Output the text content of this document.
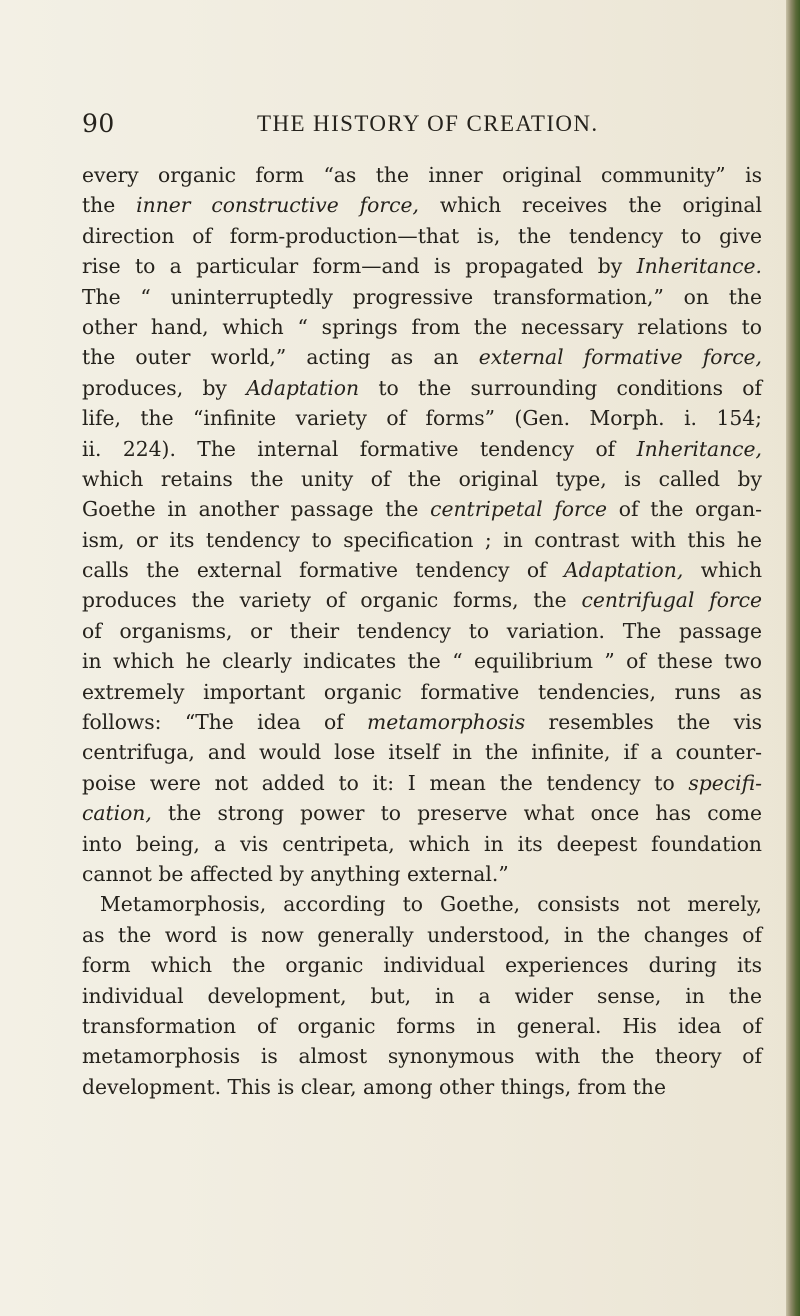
90	THE HISTORY OF CREATION.
every organic form “as the inner original community” is
the inner constructive force, which receives the original
direction of form-production—that is, the tendency to give
rise to a particular form—and is propagated by Inheritance.
The “ uninterruptedly progressive transformation,” on the
other hand, which “ springs from the necessary relations to
the outer world,” acting as an external formative force,
produces, by Adaptation to the surrounding conditions of
life, the “infinite variety of forms” (Gen. Morph. i. 154;
ii. 224). The internal formative tendency of Inheritance,
which retains the unity of the original type, is called by
Goethe in another passage the centripetal force of the organ-
ism, or its tendency to specification ; in contrast with this he
calls the external formative tendency of Adaptation, which
produces the variety of organic forms, the centrifugal force
of organisms, or their tendency to variation. The passage
in which he clearly indicates the “ equilibrium ” of these two
extremely important organic formative tendencies, runs as
follows: “The idea of metamorphosis resembles the vis
centrifuga, and would lose itself in the infinite, if a counter-
poise were not added to it: I mean the tendency to specifi-
cation, the strong power to preserve what once has come
into being, a vis centripeta, which in its deepest foundation
cannot be affected by anything external.”
Metamorphosis, according to Goethe, consists not merely,
as the word is now generally understood, in the changes of
form which the organic individual experiences during its
individual development, but, in a wider sense, in the
transformation of organic forms in general. His idea of
metamorphosis is almost synonymous with the theory of
development. This is clear, among other things, from the
